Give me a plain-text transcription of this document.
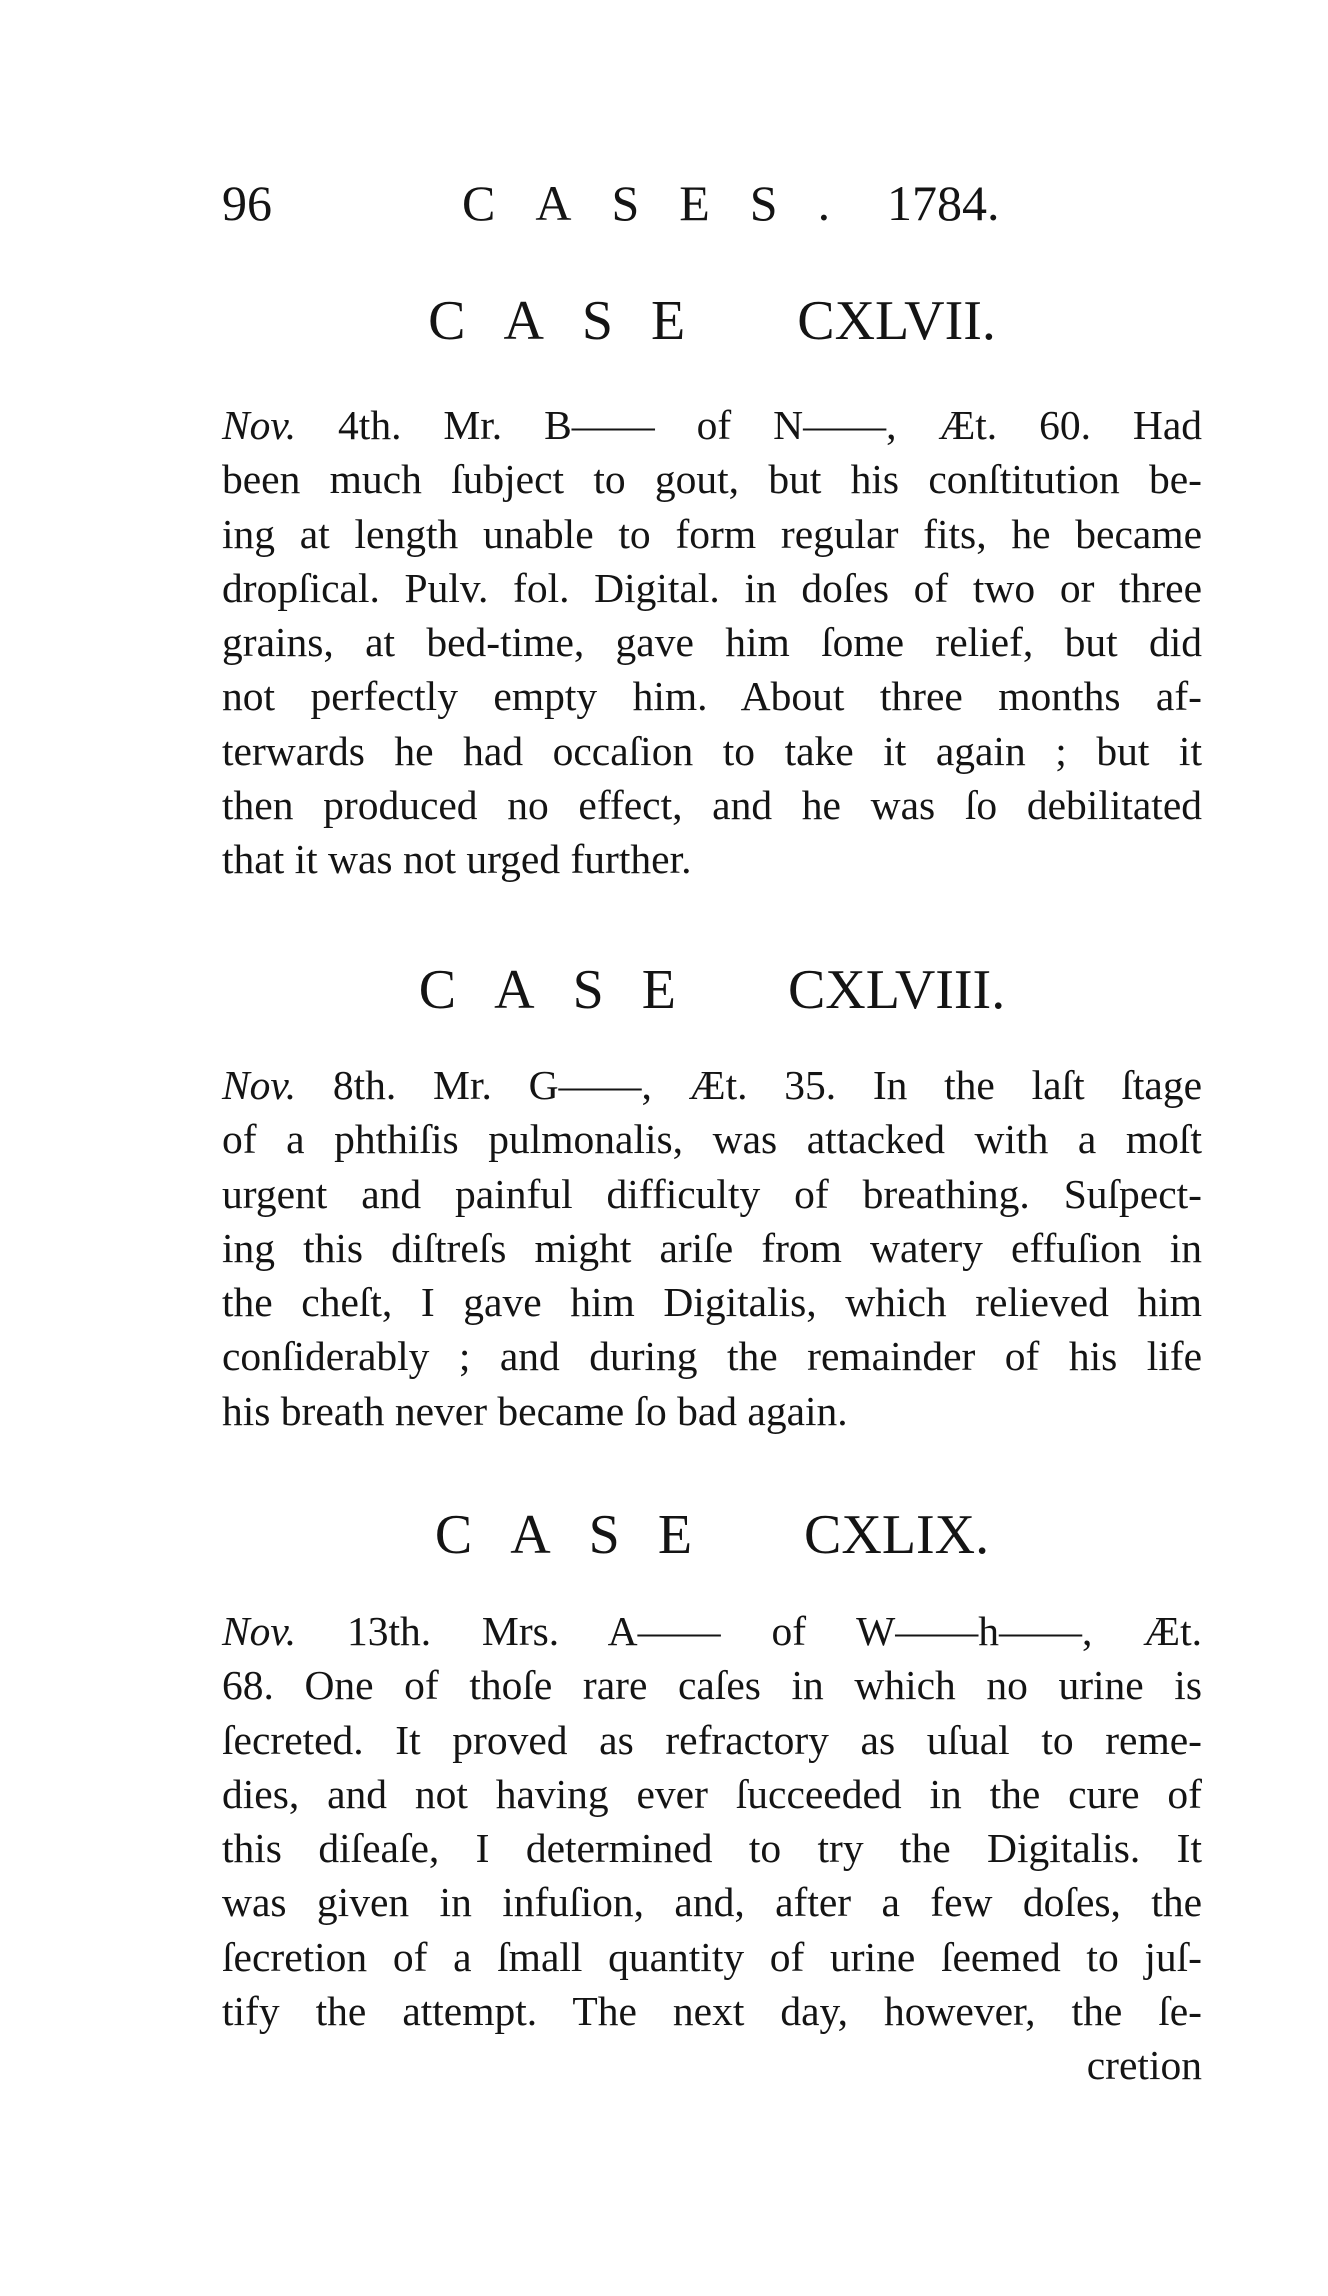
96	CASES. 1784.
CASE CXLVII.
Nov. 4th. Mr. B—— of N——, Æt. 60. Had
been much ſubject to gout, but his conſtitution be-
ing at length unable to form regular fits, he became
dropſical. Pulv. fol. Digital. in doſes of two or three
grains, at bed-time, gave him ſome relief, but did
not perfectly empty him. About three months af-
terwards he had occaſion to take it again ; but it
then produced no effect, and he was ſo debilitated
that it was not urged further.
CASE CXLVIII.
Nov. 8th. Mr. G——, Æt. 35. In the laſt ſtage
of a phthiſis pulmonalis, was attacked with a moſt
urgent and painful difficulty of breathing. Suſpect-
ing this diſtreſs might ariſe from watery effuſion in
the cheſt, I gave him Digitalis, which relieved him
conſiderably ; and during the remainder of his life
his breath never became ſo bad again.
CASE CXLIX.
Nov. 13th. Mrs. A—— of W——h——, Æt.
68. One of thoſe rare caſes in which no urine is
ſecreted. It proved as refractory as uſual to reme-
dies, and not having ever ſucceeded in the cure of
this diſeaſe, I determined to try the Digitalis. It
was given in infuſion, and, after a few doſes, the
ſecretion of a ſmall quantity of urine ſeemed to juſ-
tify the attempt. The next day, however, the ſe-
cretion
